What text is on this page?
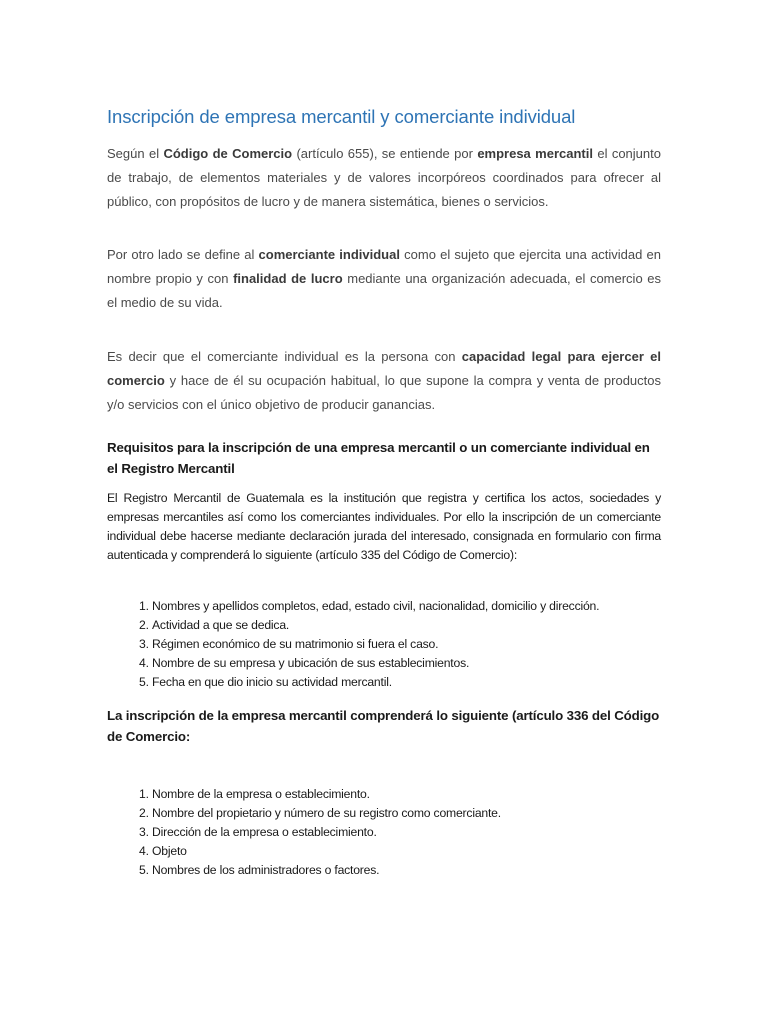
Inscripción de empresa mercantil y comerciante individual

Según el Código de Comercio (artículo 655), se entiende por empresa mercantil el conjunto de trabajo, de elementos materiales y de valores incorpóreos coordinados para ofrecer al público, con propósitos de lucro y de manera sistemática, bienes o servicios.

Por otro lado se define al comerciante individual como el sujeto que ejercita una actividad en nombre propio y con finalidad de lucro mediante una organización adecuada, el comercio es el medio de su vida.

Es decir que el comerciante individual es la persona con capacidad legal para ejercer el comercio y hace de él su ocupación habitual, lo que supone la compra y venta de productos y/o servicios con el único objetivo de producir ganancias.

Requisitos para la inscripción de una empresa mercantil o un comerciante individual en el Registro Mercantil

El Registro Mercantil de Guatemala es la institución que registra y certifica los actos, sociedades y empresas mercantiles así como los comerciantes individuales. Por ello la inscripción de un comerciante individual debe hacerse mediante declaración jurada del interesado, consignada en formulario con firma autenticada y comprenderá lo siguiente (artículo 335 del Código de Comercio):

1. Nombres y apellidos completos, edad, estado civil, nacionalidad, domicilio y dirección.
2. Actividad a que se dedica.
3. Régimen económico de su matrimonio si fuera el caso.
4. Nombre de su empresa y ubicación de sus establecimientos.
5. Fecha en que dio inicio su actividad mercantil.
La inscripción de la empresa mercantil comprenderá lo siguiente (artículo 336 del Código de Comercio:
1. Nombre de la empresa o establecimiento.
2. Nombre del propietario y número de su registro como comerciante.
3. Dirección de la empresa o establecimiento.
4. Objeto
5. Nombres de los administradores o factores.
